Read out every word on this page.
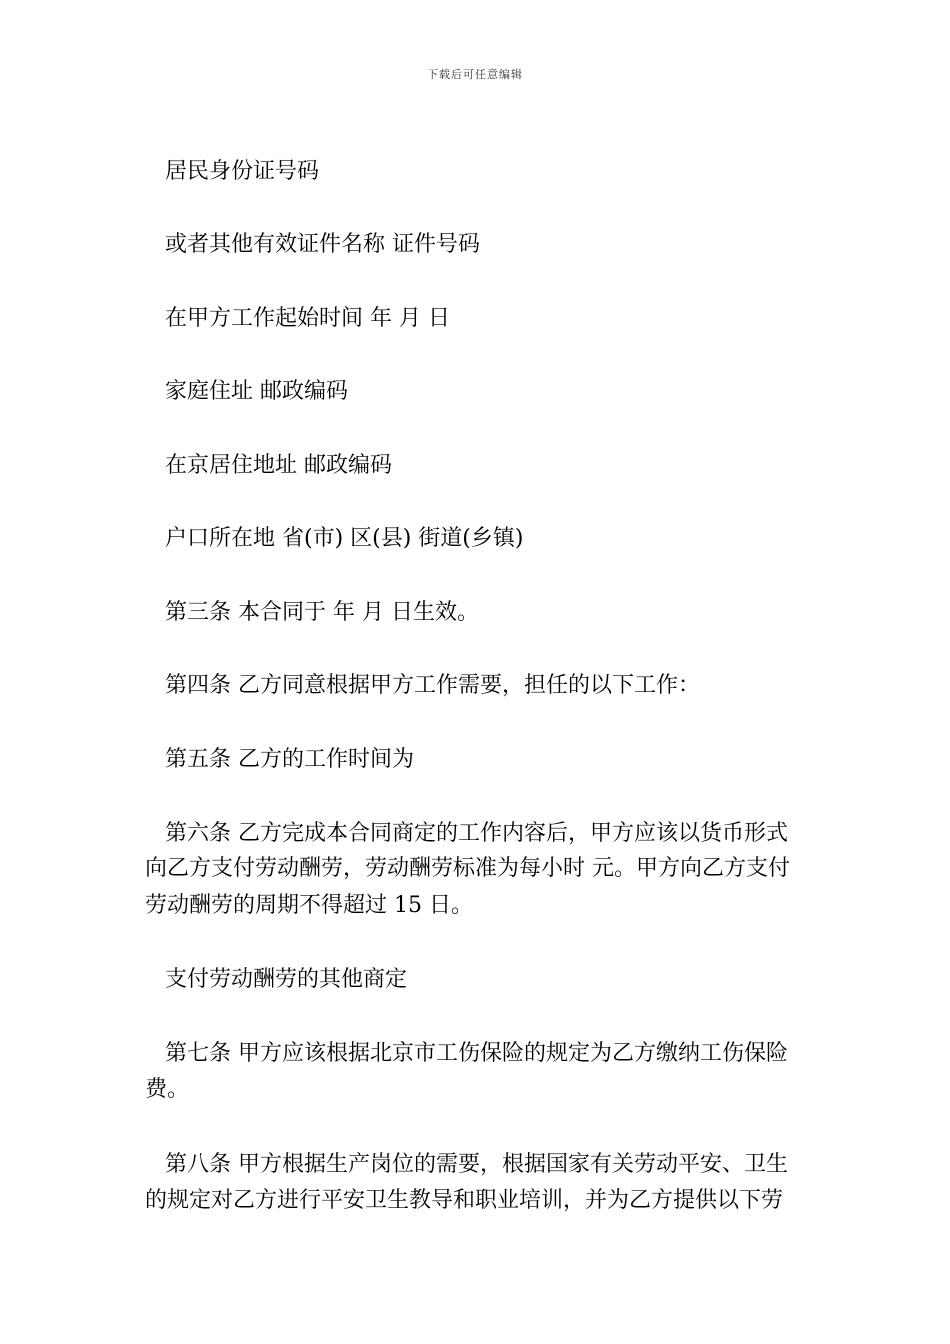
下载后可任意编辑
居民身份证号码
或者其他有效证件名称 证件号码
在甲方工作起始时间 年 月 日
家庭住址 邮政编码
在京居住地址 邮政编码
户口所在地 省(市) 区(县) 街道(乡镇)
第三条 本合同于 年 月 日生效。
第四条 乙方同意根据甲方工作需要，担任的以下工作：
第五条 乙方的工作时间为
第六条 乙方完成本合同商定的工作内容后，甲方应该以货币形式
向乙方支付劳动酬劳，劳动酬劳标准为每小时 元。甲方向乙方支付
劳动酬劳的周期不得超过 15 日。
支付劳动酬劳的其他商定
第七条 甲方应该根据北京市工伤保险的规定为乙方缴纳工伤保险
费。
第八条 甲方根据生产岗位的需要，根据国家有关劳动平安、卫生
的规定对乙方进行平安卫生教导和职业培训，并为乙方提供以下劳
